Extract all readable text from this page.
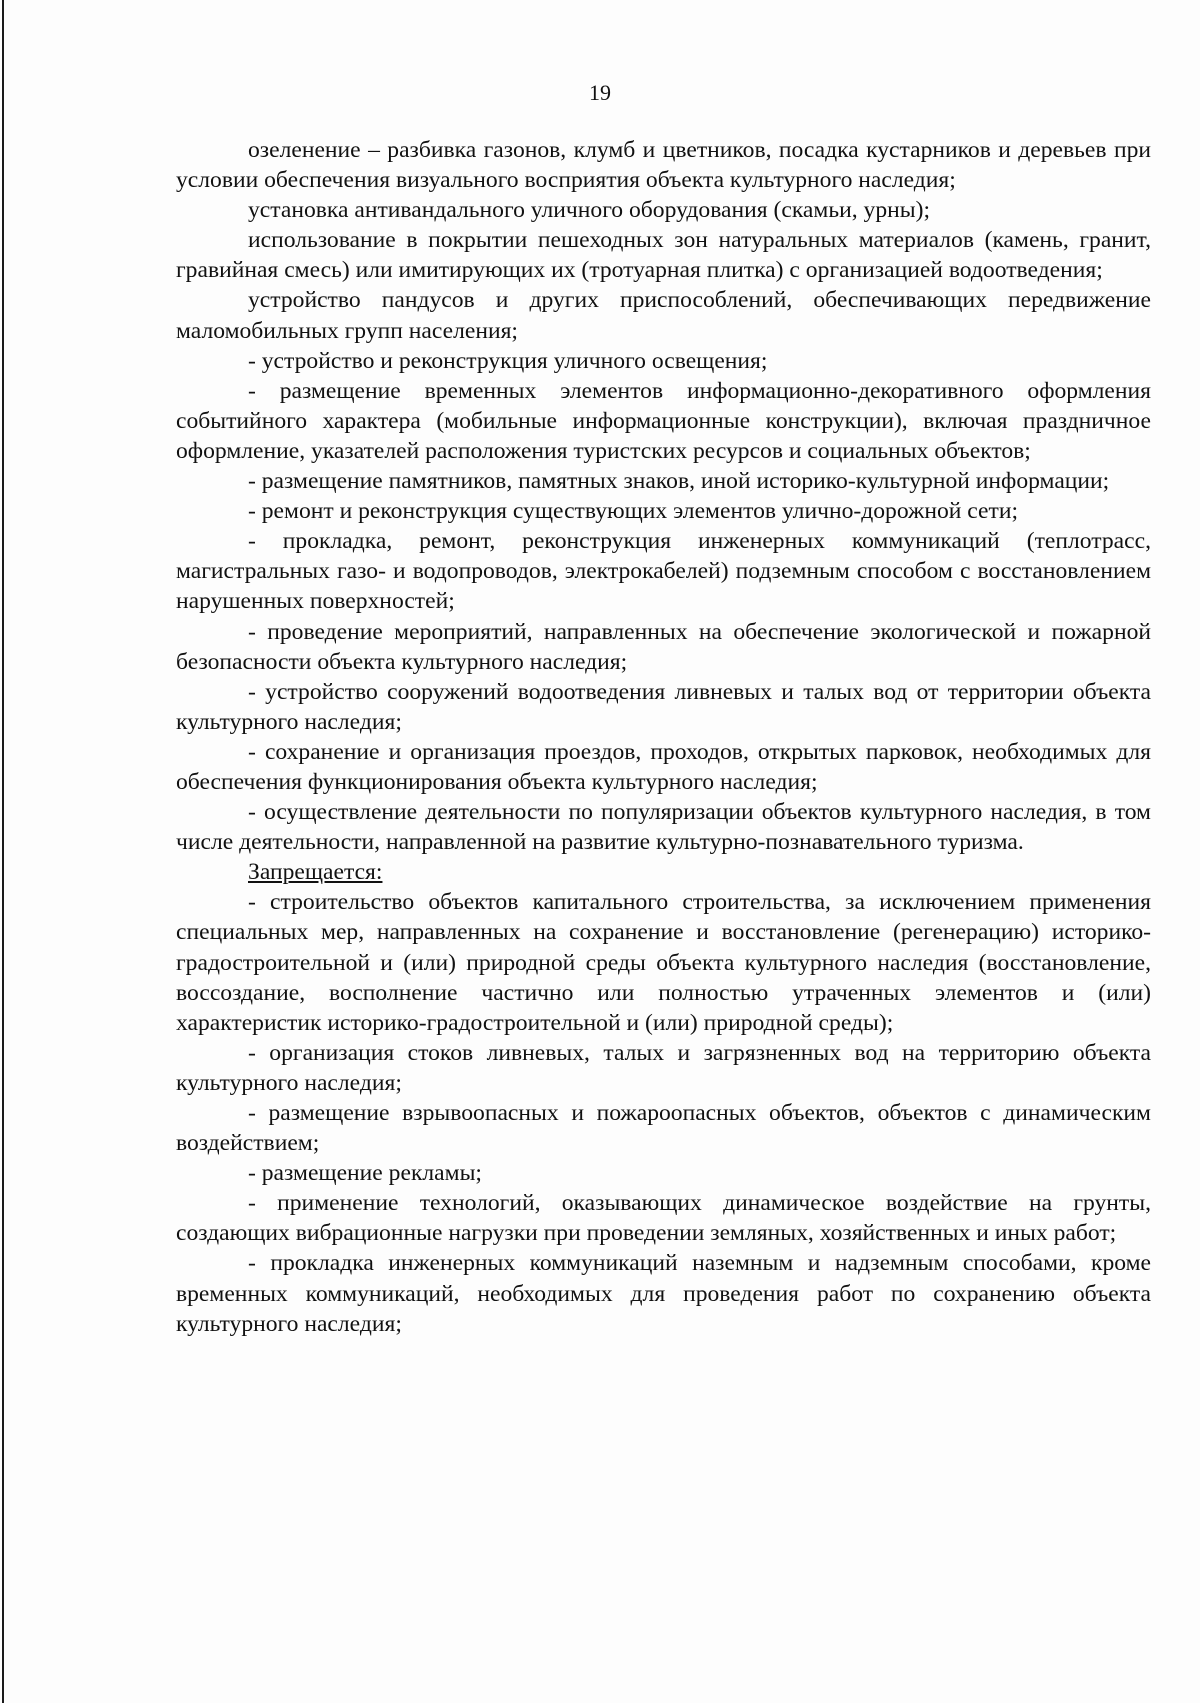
19

озеленение – разбивка газонов, клумб и цветников, посадка кустарников и деревьев при условии обеспечения визуального восприятия объекта культурного наследия;

установка антивандального уличного оборудования (скамьи, урны);

использование в покрытии пешеходных зон натуральных материалов (камень, гранит, гравийная смесь) или имитирующих их (тротуарная плитка) с организацией водоотведения;

устройство пандусов и других приспособлений, обеспечивающих передвижение маломобильных групп населения;

- устройство и реконструкция уличного освещения;

- размещение временных элементов информационно-декоративного оформления событийного характера (мобильные информационные конструкции), включая праздничное оформление, указателей расположения туристских ресурсов и социальных объектов;

- размещение памятников, памятных знаков, иной историко-культурной информации;

- ремонт и реконструкция существующих элементов улично-дорожной сети;

- прокладка, ремонт, реконструкция инженерных коммуникаций (теплотрасс, магистральных газо- и водопроводов, электрокабелей) подземным способом с восстановлением нарушенных поверхностей;

- проведение мероприятий, направленных на обеспечение экологической и пожарной безопасности объекта культурного наследия;

- устройство сооружений водоотведения ливневых и талых вод от территории объекта культурного наследия;

- сохранение и организация проездов, проходов, открытых парковок, необходимых для обеспечения функционирования объекта культурного наследия;

- осуществление деятельности по популяризации объектов культурного наследия, в том числе деятельности, направленной на развитие культурно-познавательного туризма.

Запрещается:

- строительство объектов капитального строительства, за исключением применения специальных мер, направленных на сохранение и восстановление (регенерацию) историко-градостроительной и (или) природной среды объекта культурного наследия (восстановление, воссоздание, восполнение частично или полностью утраченных элементов и (или) характеристик историко-градостроительной и (или) природной среды);

- организация стоков ливневых, талых и загрязненных вод на территорию объекта культурного наследия;

- размещение взрывоопасных и пожароопасных объектов, объектов с динамическим воздействием;

- размещение рекламы;

- применение технологий, оказывающих динамическое воздействие на грунты, создающих вибрационные нагрузки при проведении земляных, хозяйственных и иных работ;

- прокладка инженерных коммуникаций наземным и надземным способами, кроме временных коммуникаций, необходимых для проведения работ по сохранению объекта культурного наследия;
